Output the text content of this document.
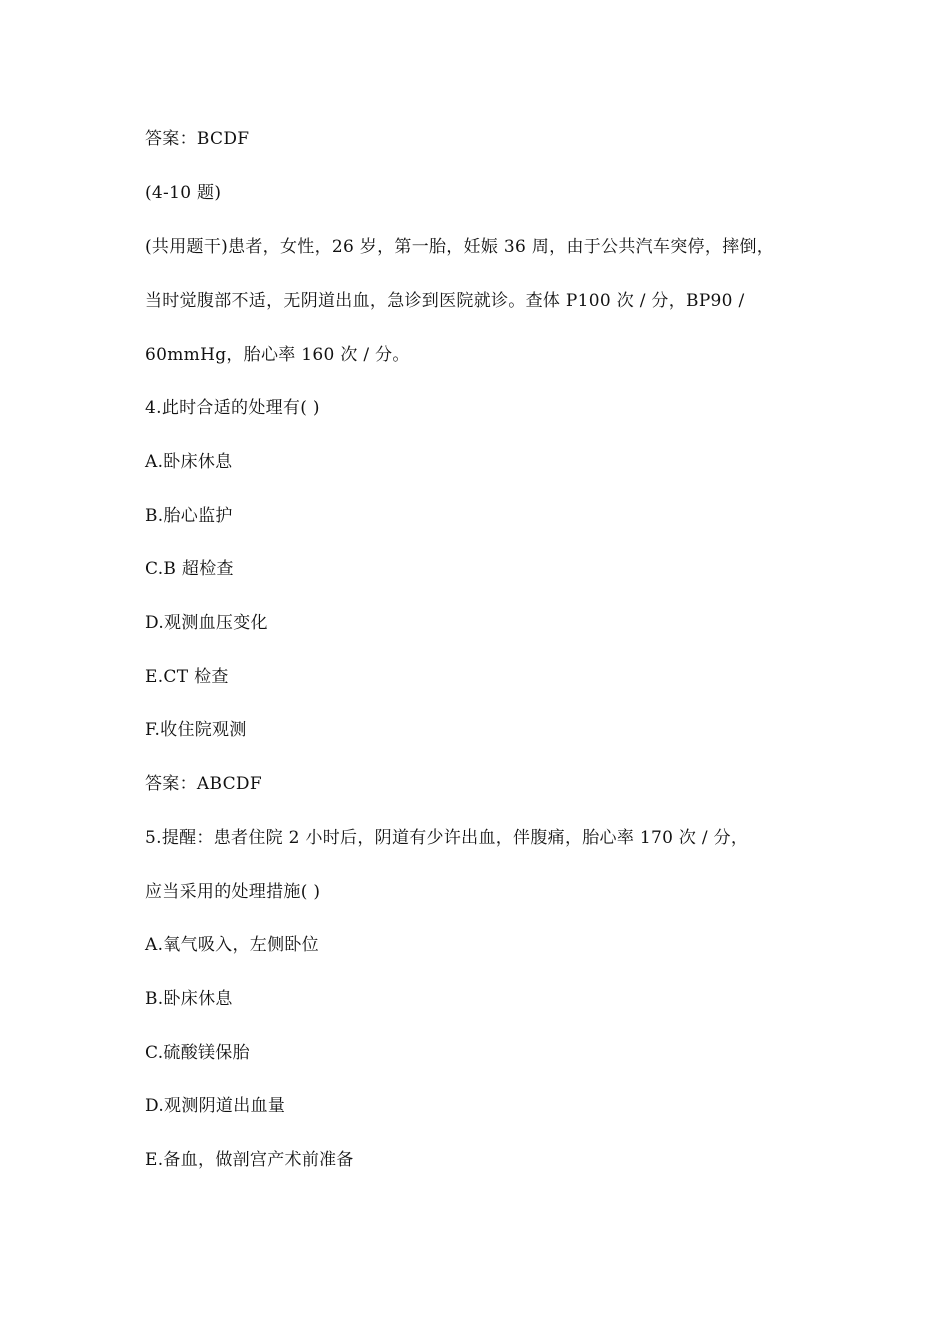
答案：BCDF
(4-10 题)
(共用题干)患者，女性，26 岁，第一胎，妊娠 36 周，由于公共汽车突停，摔倒，
当时觉腹部不适，无阴道出血，急诊到医院就诊。查体 P100 次 / 分，BP90 /
60mmHg，胎心率 160 次 / 分。
4.此时合适的处理有( )
A.卧床休息
B.胎心监护
C.B 超检查
D.观测血压变化
E.CT 检查
F.收住院观测
答案：ABCDF
5.提醒：患者住院 2 小时后，阴道有少许出血，伴腹痛，胎心率 170 次 / 分，
应当采用的处理措施( )
A.氧气吸入，左侧卧位
B.卧床休息
C.硫酸镁保胎
D.观测阴道出血量
E.备血，做剖宫产术前准备
